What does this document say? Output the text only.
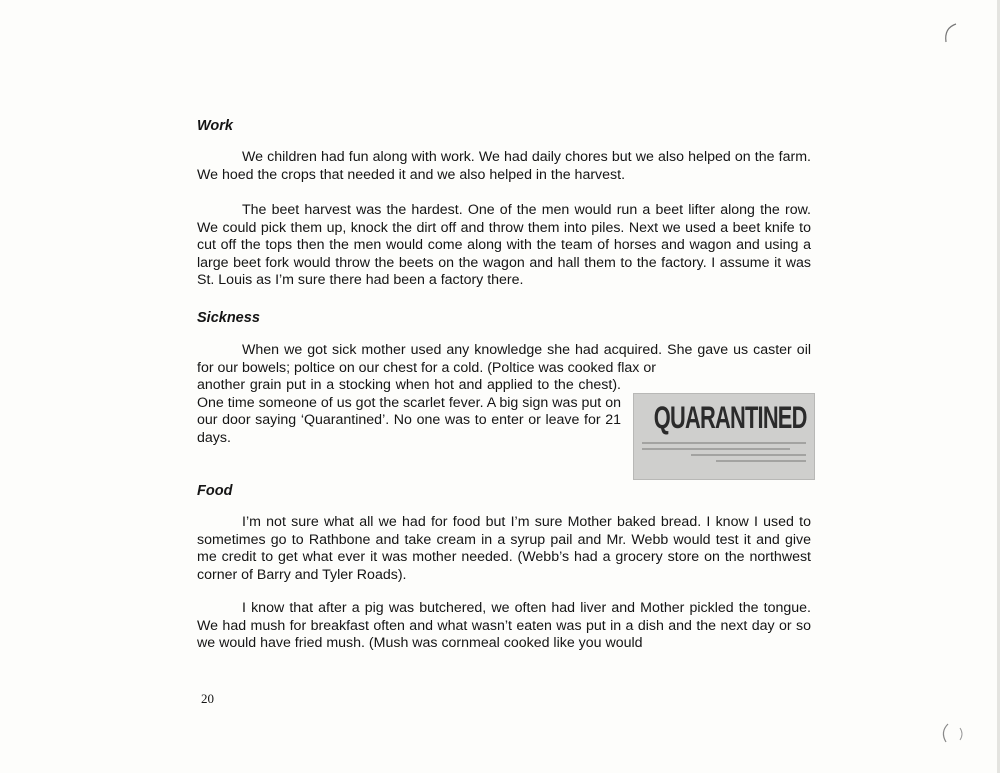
Work

We children had fun along with work. We had daily chores but we also helped on the farm. We hoed the crops that needed it and we also helped in the harvest.

The beet harvest was the hardest. One of the men would run a beet lifter along the row. We could pick them up, knock the dirt off and throw them into piles. Next we used a beet knife to cut off the tops then the men would come along with the team of horses and wagon and using a large beet fork would throw the beets on the wagon and hall them to the factory. I assume it was St. Louis as I’m sure there had been a factory there.

Sickness

When we got sick mother used any knowledge she had acquired. She gave us caster oil for our bowels; poltice on our chest for a cold. (Poltice was cooked flax or

another grain put in a stocking when hot and applied to the chest). One time someone of us got the scarlet fever. A big sign was put on our door saying ‘Quarantined’. No one was to enter or leave for 21 days.

QUARANTINED
Food

I’m not sure what all we had for food but I’m sure Mother baked bread. I know I used to sometimes go to Rathbone and take cream in a syrup pail and Mr. Webb would test it and give me credit to get what ever it was mother needed. (Webb’s had a grocery store on the northwest corner of Barry and Tyler Roads).

I know that after a pig was butchered, we often had liver and Mother pickled the tongue. We had mush for breakfast often and what wasn’t eaten was put in a dish and the next day or so we would have fried mush. (Mush was cornmeal cooked like you would

20
